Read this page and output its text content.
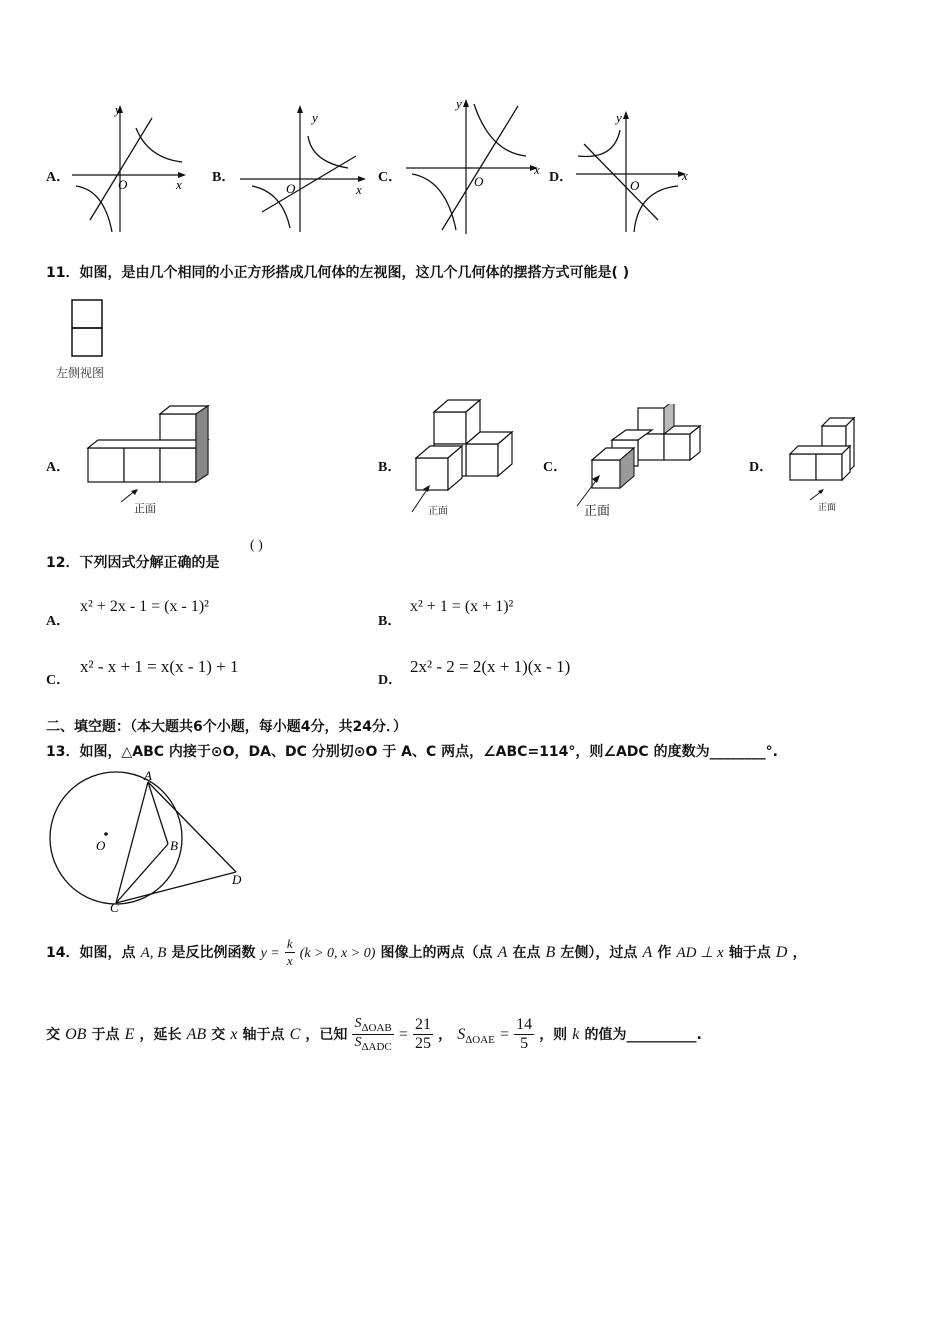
A．
y
x
O	B．
y
x
O
C．
y
x
O	D．
y
x
O
11．如图，是由几个相同的小正方形搭成几何体的左视图，这几个几何体的摆搭方式可能是( )
左侧视图
A．
正面
B．
正面
C．
正面
D．
正面
12．下列因式分解正确的是
( )
A．
x² + 2x - 1 = (x - 1)²
B．
x² + 1 = (x + 1)²
C．
x² - x + 1 = x(x - 1) + 1
D．
2x² - 2 = 2(x + 1)(x - 1)
二、填空题：（本大题共6个小题，每小题4分，共24分．）
13．如图，△ABC 内接于⊙O，DA、DC 分别切⊙O 于 A、C 两点，∠ABC=114°，则∠ADC 的度数为________°.
A
B
C
D
O
14．如图，点 A, B 是反比例函数 $y = \frac{k}{x} (k > 0$, x > 0) 图像上的两点（点 A 在点 B 左侧），过点 A 作 AD ⊥ x 轴于点 D ，
交 OB 于点 E ，延长 AB 交 x 轴于点 C ，已知 $\frac{S_{\Delta OAB}}{S_{\Delta ADC}} = \frac{21}{25}$ ， $S_{\Delta OAE} = \frac{14}{5}$ ，则 k 的值为__________.
